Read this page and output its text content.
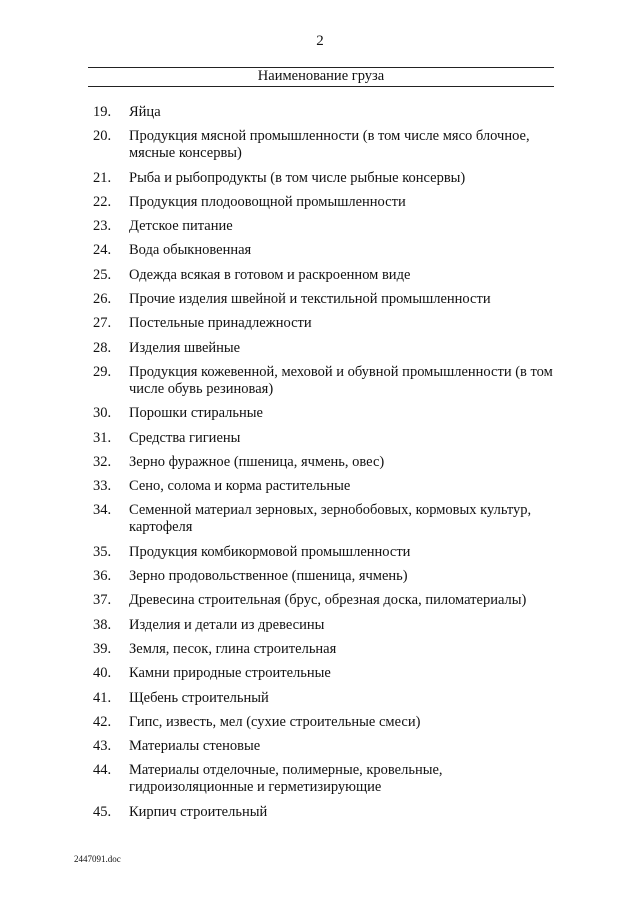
2
Наименование груза
19.	Яйца
20.	Продукция мясной промышленности (в том числе мясо блочное, мясные консервы)
21.	Рыба и рыбопродукты (в том числе рыбные консервы)
22.	Продукция плодоовощной промышленности
23.	Детское питание
24.	Вода обыкновенная
25.	Одежда всякая в готовом и раскроенном виде
26.	Прочие изделия швейной и текстильной промышленности
27.	Постельные принадлежности
28.	Изделия швейные
29.	Продукция кожевенной, меховой и обувной промышленности (в том числе обувь резиновая)
30.	Порошки стиральные
31.	Средства гигиены
32.	Зерно фуражное (пшеница, ячмень, овес)
33.	Сено, солома и корма растительные
34.	Семенной материал зерновых, зернобобовых, кормовых культур, картофеля
35.	Продукция комбикормовой промышленности
36.	Зерно продовольственное (пшеница, ячмень)
37.	Древесина строительная (брус, обрезная доска, пиломатериалы)
38.	Изделия и детали из древесины
39.	Земля, песок, глина строительная
40.	Камни природные строительные
41.	Щебень строительный
42.	Гипс, известь, мел (сухие строительные смеси)
43.	Материалы стеновые
44.	Материалы отделочные, полимерные, кровельные, гидроизоляционные и герметизирующие
45.	Кирпич строительный
2447091.doc
